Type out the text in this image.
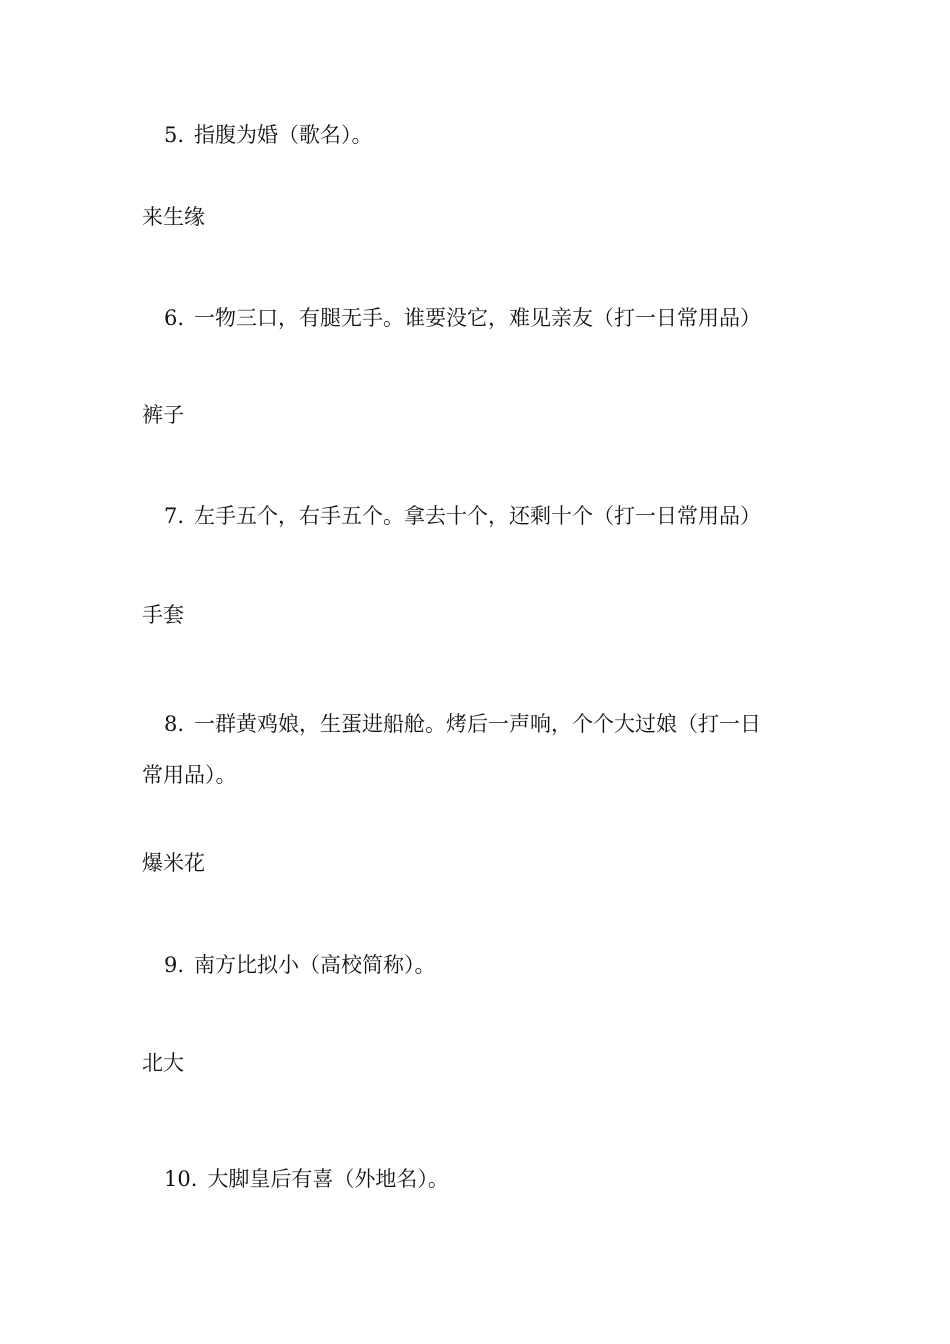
5. 指腹为婚（歌名）。
来生缘
6. 一物三口，有腿无手。谁要没它，难见亲友（打一日常用品）
裤子
7. 左手五个，右手五个。拿去十个，还剩十个（打一日常用品）
手套
8. 一群黄鸡娘，生蛋进船舱。烤后一声响，个个大过娘（打一日
常用品）。
爆米花
9. 南方比拟小（高校简称）。
北大
10. 大脚皇后有喜（外地名）。
